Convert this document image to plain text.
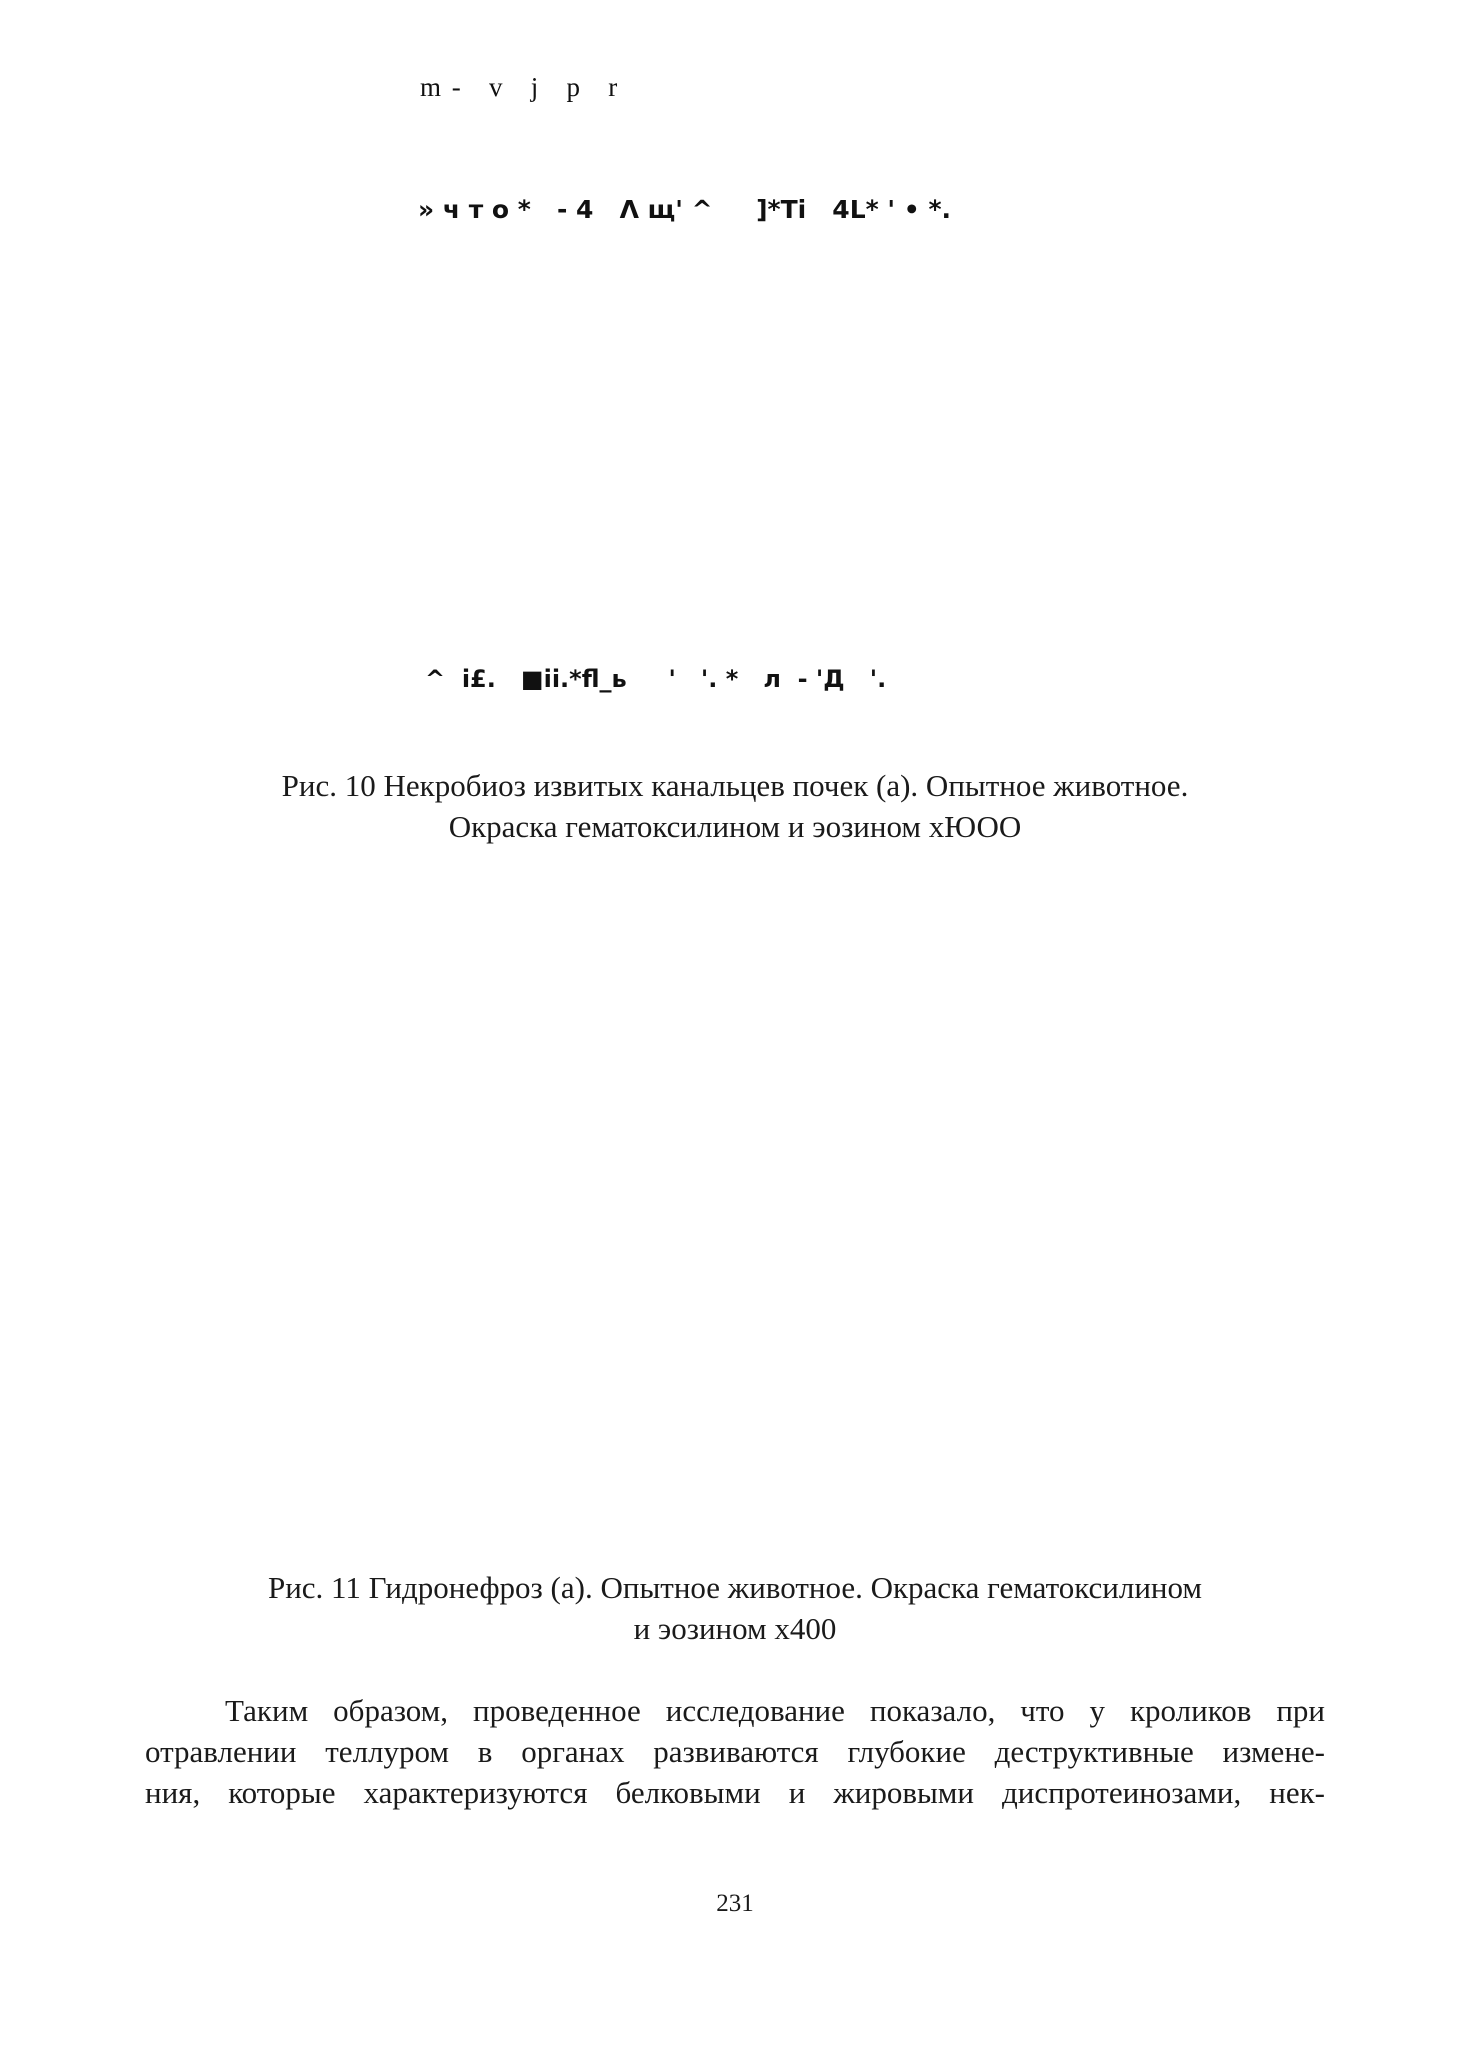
m -   v   j   p   r
» ч т о *   - 4   Ʌ щ' ^     ]*Ti   4L* ' • *.
^  i£.   ■ii.*fl_ь     '   '. *   л  - 'Д   '.
Рис. 10 Некробиоз извитых канальцев почек (а). Опытное животное.
Окраска гематоксилином и эозином хЮОО
Рис. 11 Гидронефроз (а). Опытное животное. Окраска гематоксилином
и эозином х400
Таким образом, проведенное исследование показало, что у кроликов при
отравлении теллуром в органах развиваются глубокие деструктивные измене-
ния, которые характеризуются белковыми и жировыми диспротеинозами, нек-
231
